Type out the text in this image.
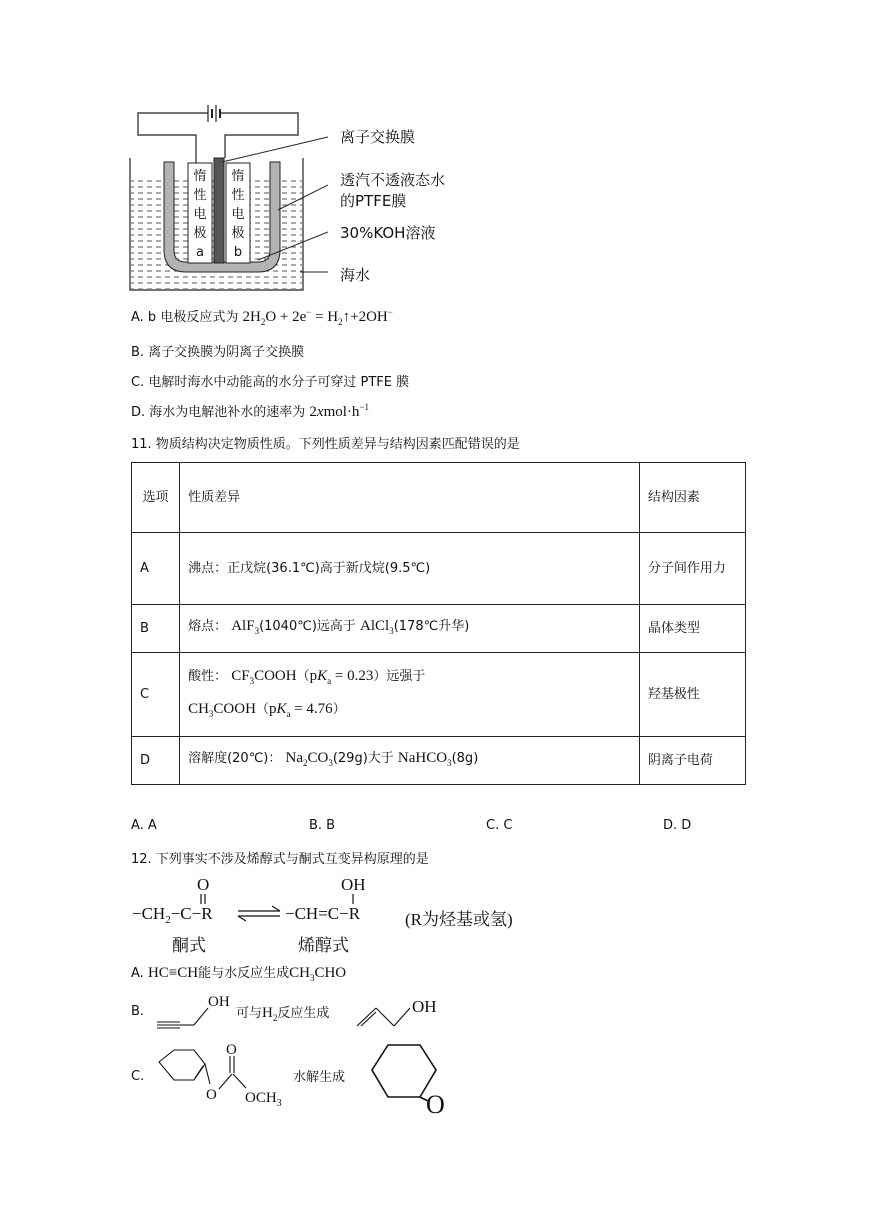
惰
性
电
极
a
惰
性
电
极
b
离子交换膜
透汽不透液态水
的PTFE膜
30%KOH溶液
海水
A. b 电极反应式为 $2H_2O + 2e^-$ = $H_2↑+2OH^-$
B. 离子交换膜为阴离子交换膜
C. 电解时海水中动能高的水分子可穿过 PTFE 膜
D. 海水为电解池补水的速率为 $2xmol\cdot h^{-1}$
11. 物质结构决定物质性质。下列性质差异与结构因素匹配错误的是
选项	性质差异	结构因素
A	沸点：正戊烷(36.1℃)高于新戊烷(9.5℃)	分子间作用力
B	熔点： AlF$_3$(1040℃)远高于 AlCl$_3$(178℃升华)	晶体类型
C	酸性： $CF_3COOH(pK_a = 0.23)$远强于
$CH_3COOH(pK_a = 4.76)$	羟基极性
D	溶解度(20℃)： $Na_2CO_3(29g)$大于 NaHCO$_3$(8g)	阴离子电荷
A. A	B. B	C. C	D. D
12. 下列事实不涉及烯醇式与酮式互变异构原理的是
O
$-CH_2-C-R$
OH
−CH=C−R	(R为烃基或氢)
酮式	烯醇式
A. HC≡CH能与水反应生成$CH_3CHO$
B.
OH
可与$H_2$反应生成	OH
C.
O
O
$OCH_3$
水解生成
O
